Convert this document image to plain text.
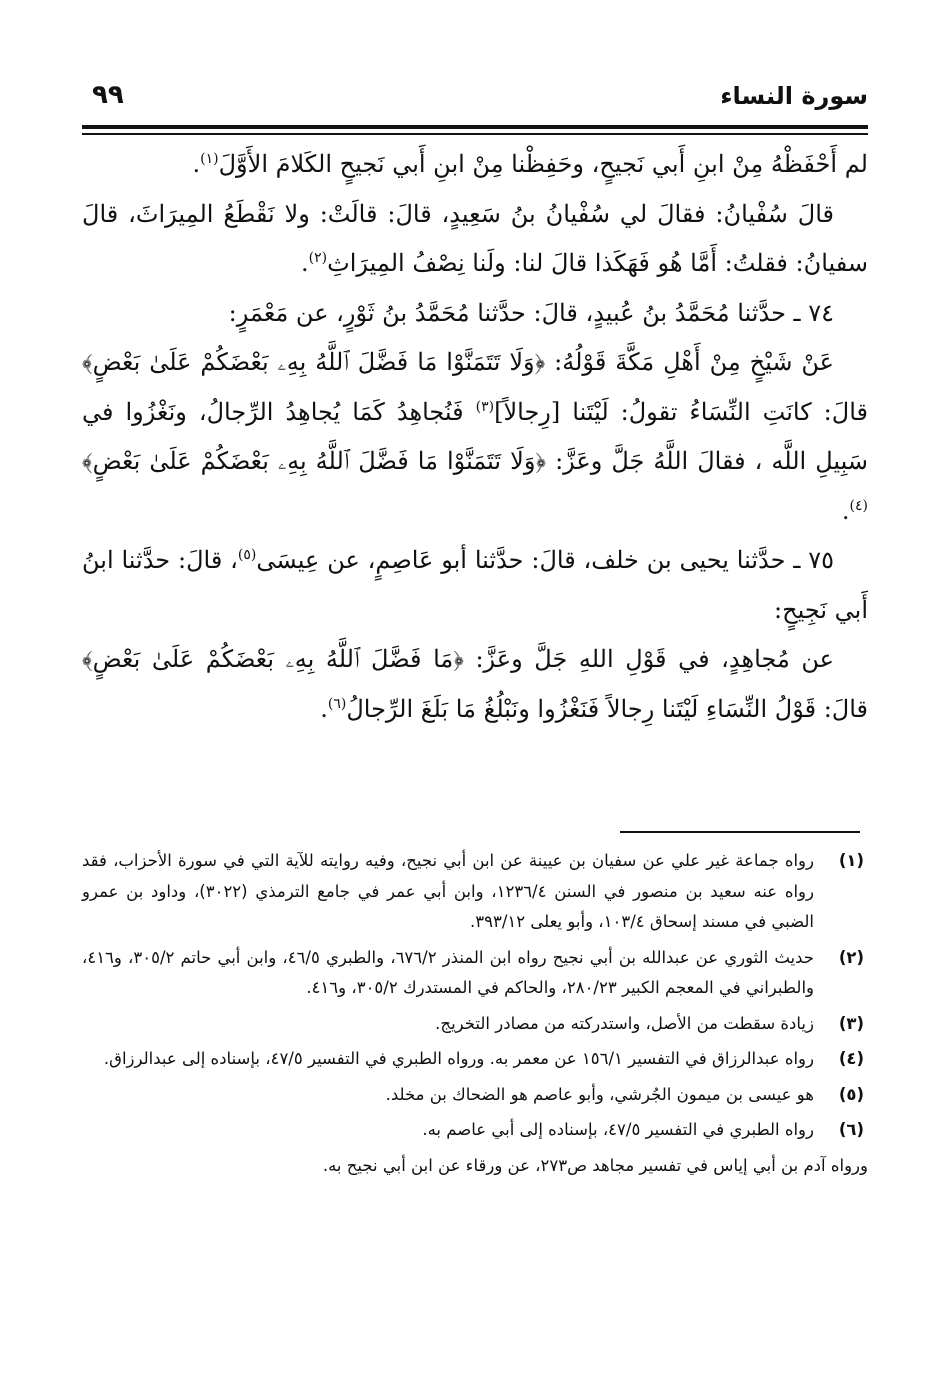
سورة النساء
٩٩

لم أَحْفَظْهُ مِنْ ابنِ أَبي نَجيحٍ، وحَفِظْنا مِنْ ابنِ أَبي نَجيحٍ الكَلامَ الأَوَّلَ$^{(١)}$.

قالَ سُفْيانُ: فقالَ لي سُفْيانُ بنُ سَعِيدٍ، قالَ: قالَتْ: ولا نَقْطَعُ المِيرَاثَ، قالَ سفيانُ: فقلتُ: أَمَّا هُو فَهَكَذا قالَ لنا: ولَنا نِصْفُ المِيرَاثِ$^{(٢)}$.

٧٤ ـ حدَّثنا مُحَمَّدُ بنُ عُبيدٍ، قالَ: حدَّثنا مُحَمَّدُ بنُ ثَوْرٍ، عن مَعْمَرٍ:

عَنْ شَيْخٍ مِنْ أَهْلِ مَكَّةَ قَوْلُهُ: ﴿وَلَا تَتَمَنَّوْا مَا فَضَّلَ ٱللَّهُ بِهِۦ بَعْضَكُمْ عَلَىٰ بَعْضٍ﴾ قالَ: كانَتِ النِّسَاءُ تقولُ: لَيْتَنا [رِجالاً]$^{(٣)}$ فَنُجاهِدُ كَمَا يُجاهِدُ الرِّجالُ، ونَغْزُوا في سَبِيلِ اللَّه ، فقالَ اللَّهُ جَلَّ وعَزَّ: ﴿وَلَا تَتَمَنَّوْا مَا فَضَّلَ ٱللَّهُ بِهِۦ بَعْضَكُمْ عَلَىٰ بَعْضٍ﴾$^{(٤)}$.

٧٥ ـ حدَّثنا يحيى بن خلف، قالَ: حدَّثنا أبو عَاصِمٍ، عن عِيسَى$^{(٥)}$، قالَ: حدَّثنا ابنُ أَبي نَجِيحٍ:

عن مُجاهِدٍ، في قَوْلِ اللهِ جَلَّ وعَزَّ: ﴿مَا فَضَّلَ ٱللَّهُ بِهِۦ بَعْضَكُمْ عَلَىٰ بَعْضٍ﴾ قالَ: قَوْلُ النِّسَاءِ لَيْتَنا رِجالاً فَنَغْزُوا ونَبْلُغُ مَا بَلَغَ الرِّجالُ$^{(٦)}$.

(١)
رواه جماعة غير علي عن سفيان بن عيينة عن ابن أبي نجيح، وفيه روايته للآية التي في سورة الأحزاب، فقد رواه عنه سعيد بن منصور في السنن ١٢٣٦/٤، وابن أبي عمر في جامع الترمذي (٣٠٢٢)، وداود بن عمرو الضبي في مسند إسحاق ١٠٣/٤، وأبو يعلى ٣٩٣/١٢.
(٢)
حديث الثوري عن عبدالله بن أبي نجيح رواه ابن المنذر ٦٧٦/٢، والطبري ٤٦/٥، وابن أبي حاتم ٣٠٥/٢، و٤١٦، والطبراني في المعجم الكبير ٢٨٠/٢٣، والحاكم في المستدرك ٣٠٥/٢، و٤١٦.
(٣)
زيادة سقطت من الأصل، واستدركته من مصادر التخريج.
(٤)
رواه عبدالرزاق في التفسير ١٥٦/١ عن معمر به. ورواه الطبري في التفسير ٤٧/٥، بإسناده إلى عبدالرزاق.
(٥)
هو عيسى بن ميمون الجُرشي، وأبو عاصم هو الضحاك بن مخلد.
(٦)
رواه الطبري في التفسير ٤٧/٥، بإسناده إلى أبي عاصم به.
ورواه آدم بن أبي إياس في تفسير مجاهد ص٢٧٣، عن ورقاء عن ابن أبي نجيح به.
